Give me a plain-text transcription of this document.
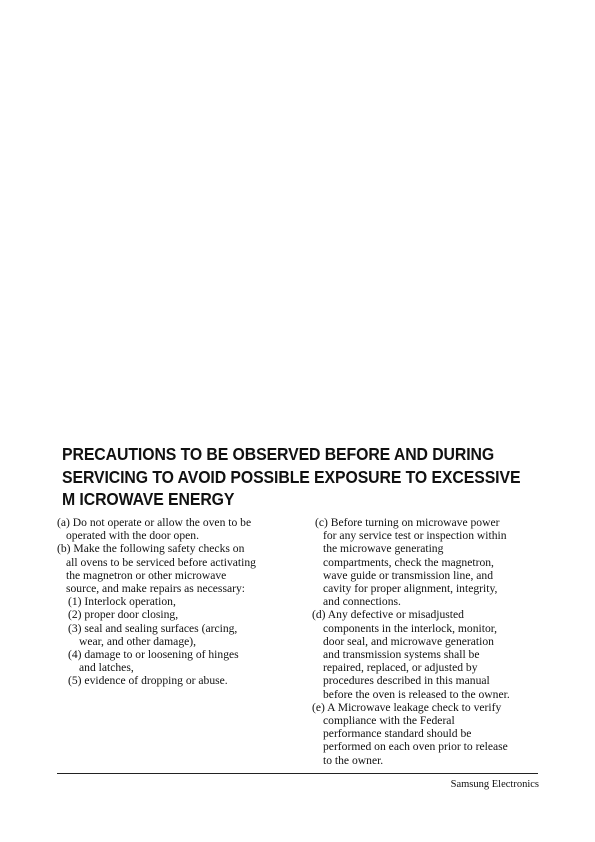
PRECAUTIONS TO BE OBSERVED BEFORE AND DURING
SERVICING TO AVOID POSSIBLE EXPOSURE TO EXCESSIVE
M ICROWAVE ENERGY
(a) Do not operate or allow the oven to be
operated with the door open.
(b) Make the following safety checks on
all ovens to be serviced before activating
the magnetron or other microwave
source, and make repairs as necessary:
(1) Interlock operation,
(2) proper door closing,
(3) seal and sealing surfaces (arcing,
wear, and other damage),
(4) damage to or loosening of hinges
and latches,
(5) evidence of dropping or abuse.
(c) Before turning on microwave power
for any service test or inspection within
the microwave generating
compartments, check the magnetron,
wave guide or transmission line, and
cavity for proper alignment, integrity,
and connections.
(d) Any defective or misadjusted
components in the interlock, monitor,
door seal, and microwave generation
and transmission systems shall be
repaired, replaced, or adjusted by
procedures described in this manual
before the oven is released to the owner.
(e) A Microwave leakage check to verify
compliance with the Federal
performance standard should be
performed on each oven prior to release
to the owner.
Samsung Electronics
